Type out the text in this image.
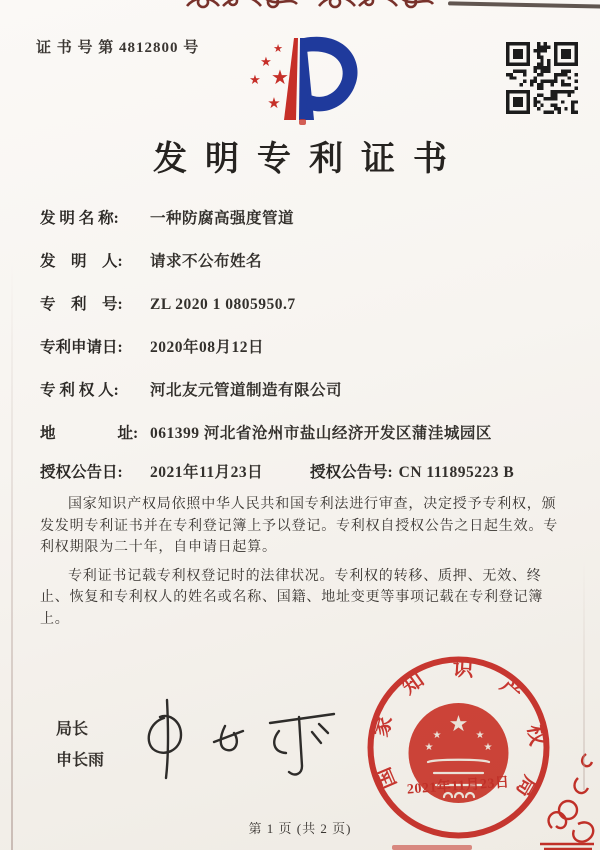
证 书 号 第 4812800 号	★
★
★ ★
★
发明专利证书
发 明 名 称: 一种防腐高强度管道
发　明　人: 请求不公布姓名
专　利　号: ZL 2020 1 0805950.7
专利申请日: 2020年08月12日
专 利 权 人: 河北友元管道制造有限公司
地　　　　址: 061399 河北省沧州市盐山经济开发区蒲洼城园区
授权公告日: 2021年11月23日	授权公告号: CN 111895223 B

国家知识产权局依照中华人民共和国专利法进行审查，决定授予专利权，颁发发明专利证书并在专利登记簿上予以登记。专利权自授权公告之日起生效。专利权期限为二十年，自申请日起算。

专利证书记载专利权登记时的法律状况。专利权的转移、质押、无效、终止、恢复和专利权人的姓名或名称、国籍、地址变更等事项记载在专利登记簿上。

局长
申长雨
★
★	★
★	★
2021年11月23日
国
家
知 识
产
权
局
第 1 页 (共 2 页)
